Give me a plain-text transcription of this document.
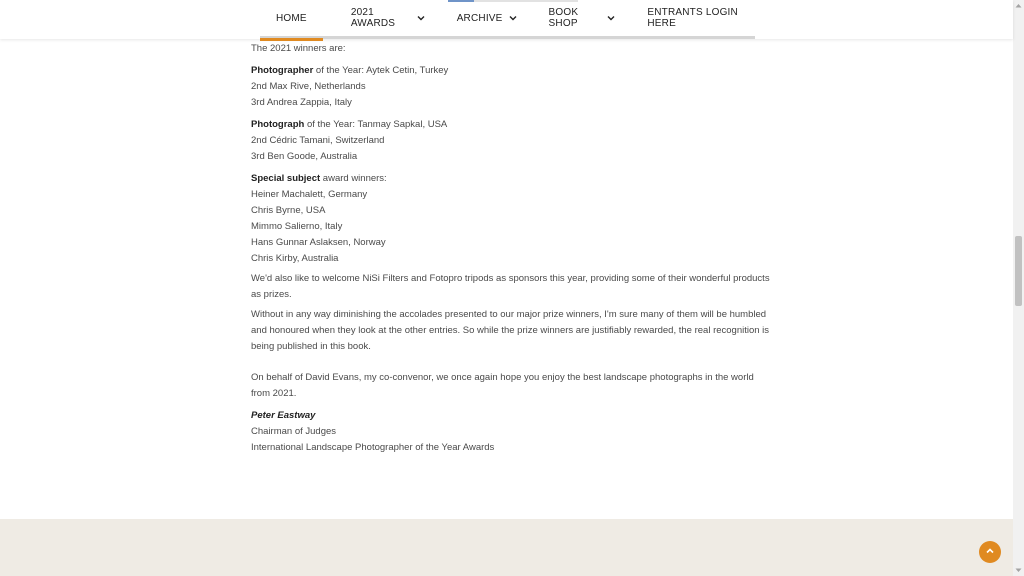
HOME	2021 AWARDS	ARCHIVE	BOOK SHOP
ENTRANTS LOGIN HERE

The 2021 winners are:

Photographer of the Year: Aytek Cetin, Turkey

2nd Max Rive, Netherlands

3rd Andrea Zappia, Italy

Photograph of the Year: Tanmay Sapkal, USA

2nd Cédric Tamani, Switzerland

3rd Ben Goode, Australia

Special subject award winners:

Heiner Machalett, Germany

Chris Byrne, USA

Mimmo Salierno, Italy

Hans Gunnar Aslaksen, Norway

Chris Kirby, Australia

We'd also like to welcome NiSi Filters and Fotopro tripods as sponsors this year, providing some of their wonderful products as prizes.

Without in any way diminishing the accolades presented to our major prize winners, I'm sure many of them will be humbled and honoured when they look at the other entries. So while the prize winners are justifiably rewarded, the real recognition is being published in this book.

On behalf of David Evans, my co-convenor, we once again hope you enjoy the best landscape photographs in the world from 2021.

Peter Eastway

Chairman of Judges

International Landscape Photographer of the Year Awards
